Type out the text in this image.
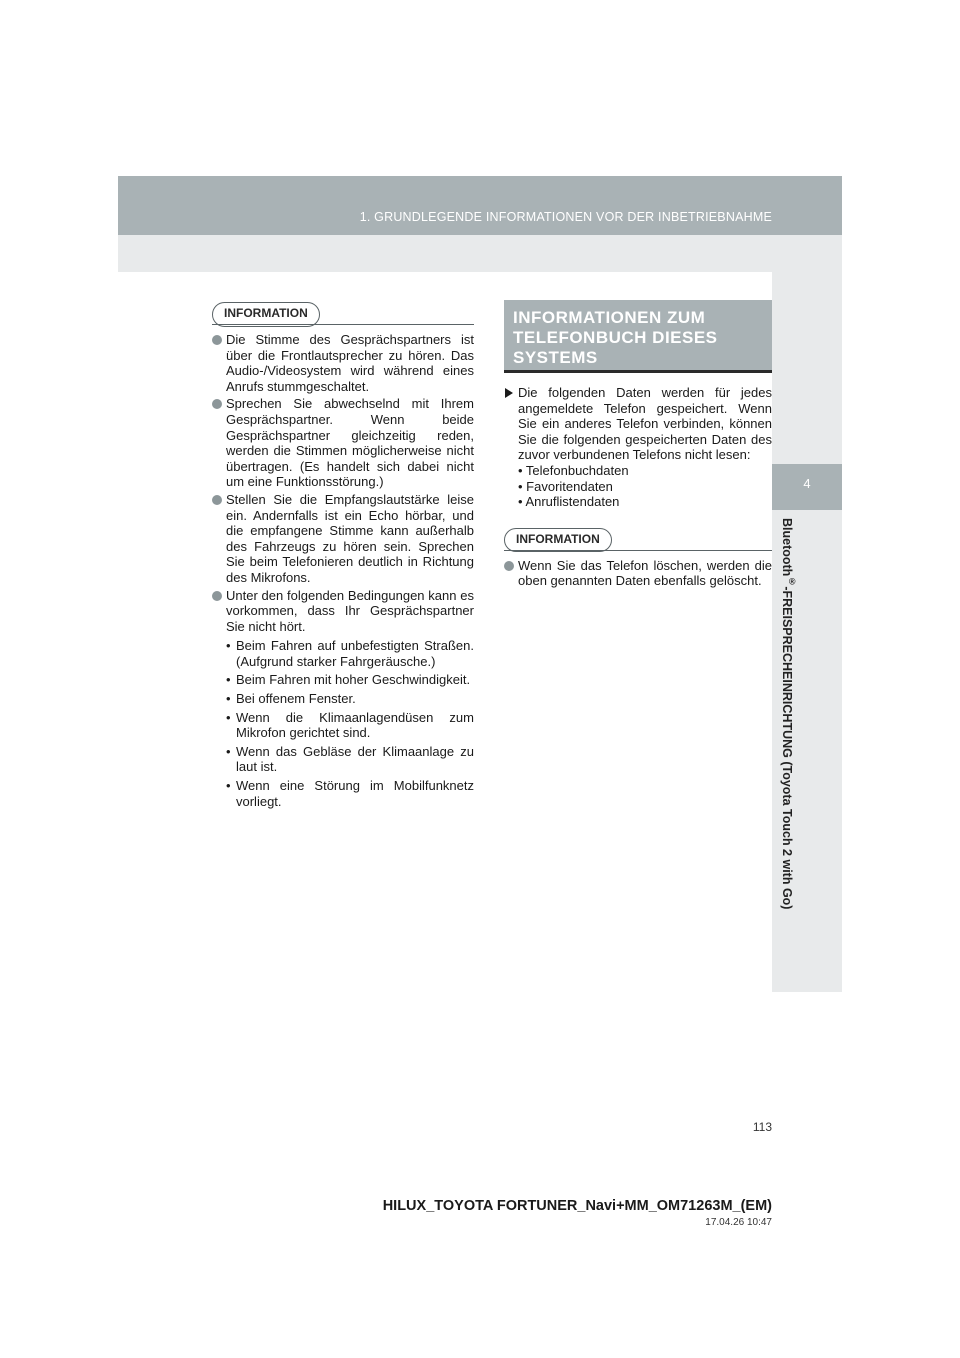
1. GRUNDLEGENDE INFORMATIONEN VOR DER INBETRIEBNAHME
4
Bluetooth®-FREISPRECHEINRICHTUNG (Toyota Touch 2 with Go)
INFORMATION
Die Stimme des Gesprächspartners ist über die Frontlautsprecher zu hören. Das Audio-/Videosystem wird während eines Anrufs stummgeschaltet.
Sprechen Sie abwechselnd mit Ihrem Gesprächspartner. Wenn beide Gesprächspartner gleichzeitig reden, werden die Stimmen möglicherweise nicht übertragen. (Es handelt sich dabei nicht um eine Funktionsstörung.)
Stellen Sie die Empfangslautstärke leise ein. Andernfalls ist ein Echo hörbar, und die empfangene Stimme kann außerhalb des Fahrzeugs zu hören sein. Sprechen Sie beim Telefonieren deutlich in Richtung des Mikrofons.
Unter den folgenden Bedingungen kann es vorkommen, dass Ihr Gesprächspartner Sie nicht hört.
• Beim Fahren auf unbefestigten Straßen. (Aufgrund starker Fahrgeräusche.)
• Beim Fahren mit hoher Geschwindigkeit.
• Bei offenem Fenster.
• Wenn die Klimaanlagendüsen zum Mikrofon gerichtet sind.
• Wenn das Gebläse der Klimaanlage zu laut ist.
• Wenn eine Störung im Mobilfunknetz vorliegt.
INFORMATIONEN ZUM TELEFONBUCH DIESES SYSTEMS
Die folgenden Daten werden für jedes angemeldete Telefon gespeichert. Wenn Sie ein anderes Telefon verbinden, können Sie die folgenden gespeicherten Daten des zuvor verbundenen Telefons nicht lesen:
• Telefonbuchdaten
• Favoritendaten
• Anruflistendaten
INFORMATION
Wenn Sie das Telefon löschen, werden die oben genannten Daten ebenfalls gelöscht.
113
HILUX_TOYOTA FORTUNER_Navi+MM_OM71263M_(EM)
17.04.26 10:47
